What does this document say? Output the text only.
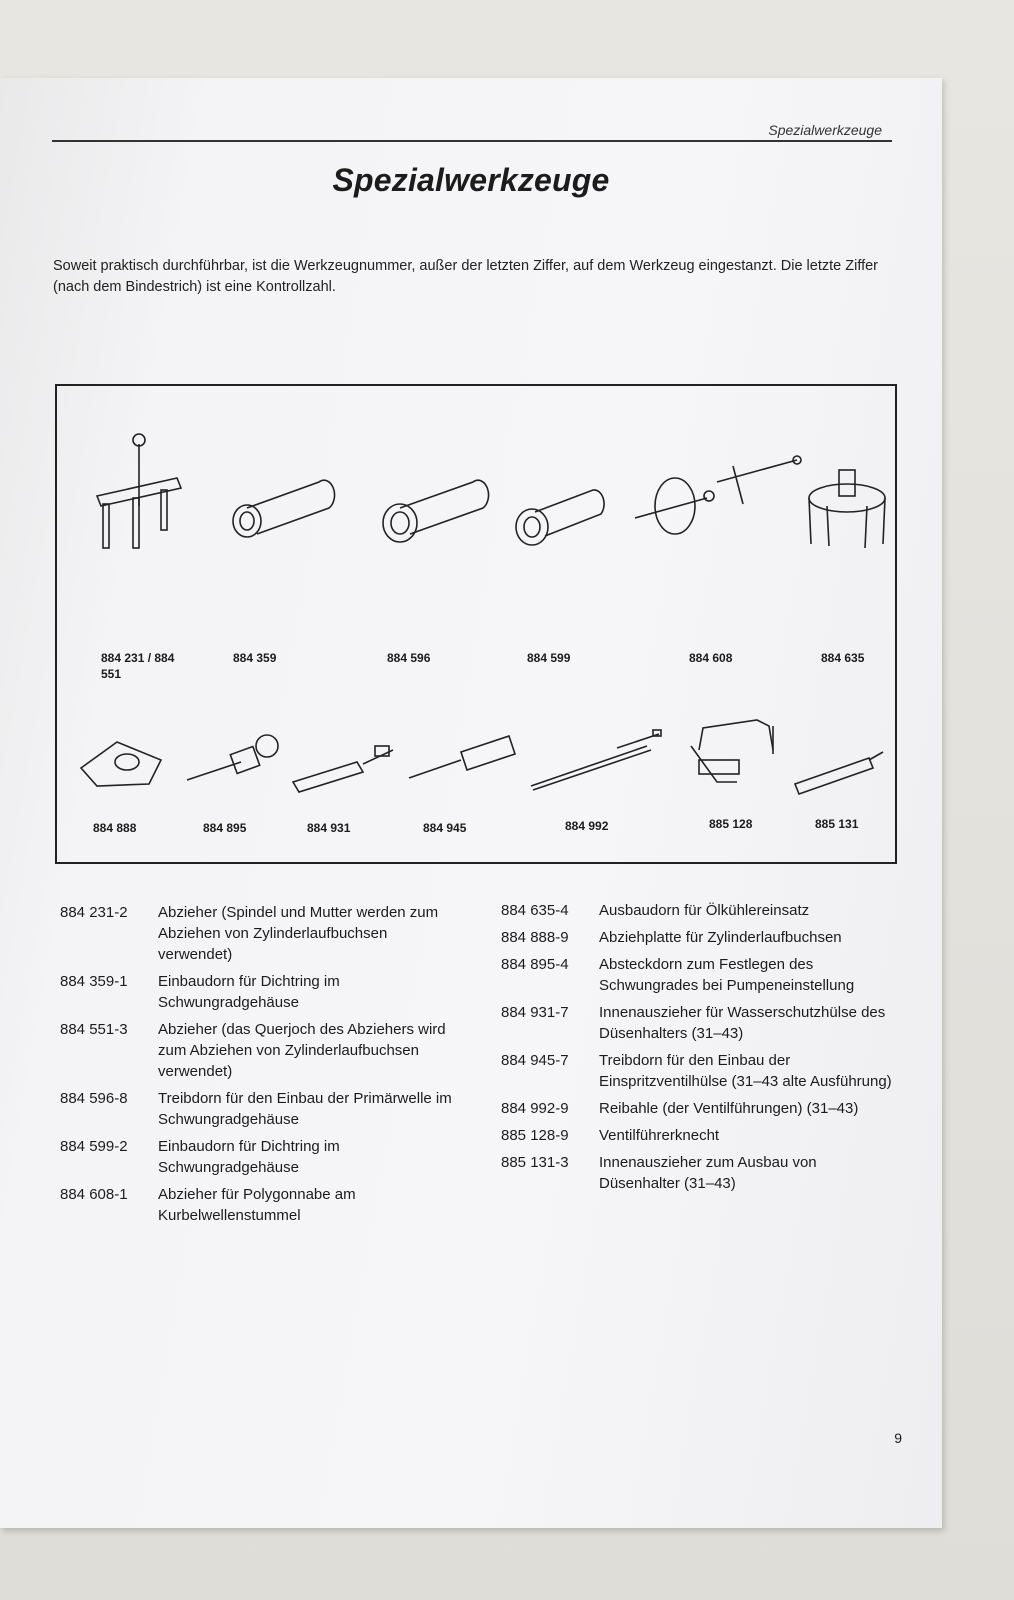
Spezialwerkzeuge
Spezialwerkzeuge
Soweit praktisch durchführbar, ist die Werkzeugnummer, außer der letzten Ziffer, auf dem Werkzeug eingestanzt. Die letzte Ziffer (nach dem Bindestrich) ist eine Kontrollzahl.
884 231 / 884 551
884 359	884 596	884 599	884 608	884 635
884 888	884 895	884 931	884 945	884 992	885 128	885 131
884 231-2	Abzieher (Spindel und Mutter werden zum Abziehen von Zylinderlaufbuchsen verwendet)
884 359-1	Einbaudorn für Dichtring im Schwungradgehäuse
884 551-3	Abzieher (das Querjoch des Abziehers wird zum Abziehen von Zylinderlaufbuchsen verwendet)
884 596-8	Treibdorn für den Einbau der Primärwelle im Schwungradgehäuse
884 599-2	Einbaudorn für Dichtring im Schwungradgehäuse
884 608-1	Abzieher für Polygonnabe am Kurbelwellenstummel
884 635-4	Ausbaudorn für Ölkühlereinsatz
884 888-9	Abziehplatte für Zylinderlaufbuchsen
884 895-4	Absteckdorn zum Festlegen des Schwungrades bei Pumpeneinstellung
884 931-7	Innenauszieher für Wasserschutzhülse des Düsenhalters (31–43)
884 945-7	Treibdorn für den Einbau der Einspritzventilhülse (31–43 alte Ausführung)
884 992-9	Reibahle (der Ventilführungen) (31–43)
885 128-9	Ventilführerknecht
885 131-3	Innenauszieher zum Ausbau von Düsenhalter (31–43)
9
